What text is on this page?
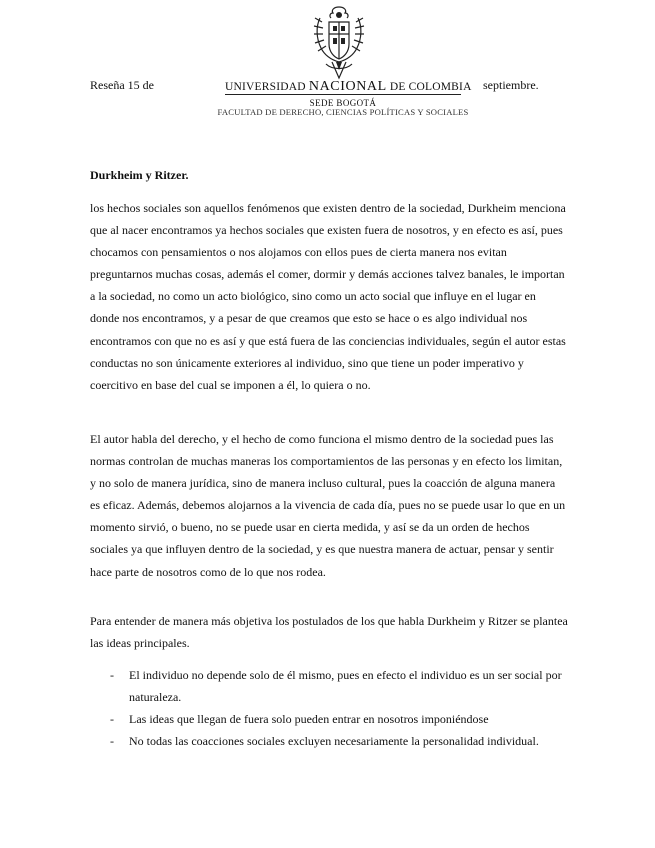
Reseña 15 de	UNIVERSIDAD NACIONAL DE COLOMBIA
SEDE BOGOTÁ
FACULTAD DE DERECHO, CIENCIAS POLÍTICAS Y SOCIALES
septiembre.
Durkheim y Ritzer.

los hechos sociales son aquellos fenómenos que existen dentro de la sociedad, Durkheim menciona que al nacer encontramos ya hechos sociales que existen fuera de nosotros, y en efecto es así, pues chocamos con pensamientos o nos alojamos con ellos pues de cierta manera nos evitan preguntarnos muchas cosas, además el comer, dormir y demás acciones talvez banales, le importan a la sociedad, no como un acto biológico, sino como un acto social que influye en el lugar en donde nos encontramos, y a pesar de que creamos que esto se hace o es algo individual nos encontramos con que no es así y que está fuera de las conciencias individuales, según el autor estas conductas no son únicamente exteriores al individuo, sino que tiene un poder imperativo y coercitivo en base del cual se imponen a él, lo quiera o no.

El autor habla del derecho, y el hecho de como funciona el mismo dentro de la sociedad pues las normas controlan de muchas maneras los comportamientos de las personas y en efecto los limitan, y no solo de manera jurídica, sino de manera incluso cultural, pues la coacción de alguna manera es eficaz. Además, debemos alojarnos a la vivencia de cada día, pues no se puede usar lo que en un momento sirvió, o bueno, no se puede usar en cierta medida, y así se da un orden de hechos sociales ya que influyen dentro de la sociedad, y es que nuestra manera de actuar, pensar y sentir hace parte de nosotros como de lo que nos rodea.

Para entender de manera más objetiva los postulados de los que habla Durkheim y Ritzer se plantea las ideas principales.

- El individuo no depende solo de él mismo, pues en efecto el individuo es un ser social por naturaleza.
- Las ideas que llegan de fuera solo pueden entrar en nosotros imponiéndose
- No todas las coacciones sociales excluyen necesariamente la personalidad individual.
